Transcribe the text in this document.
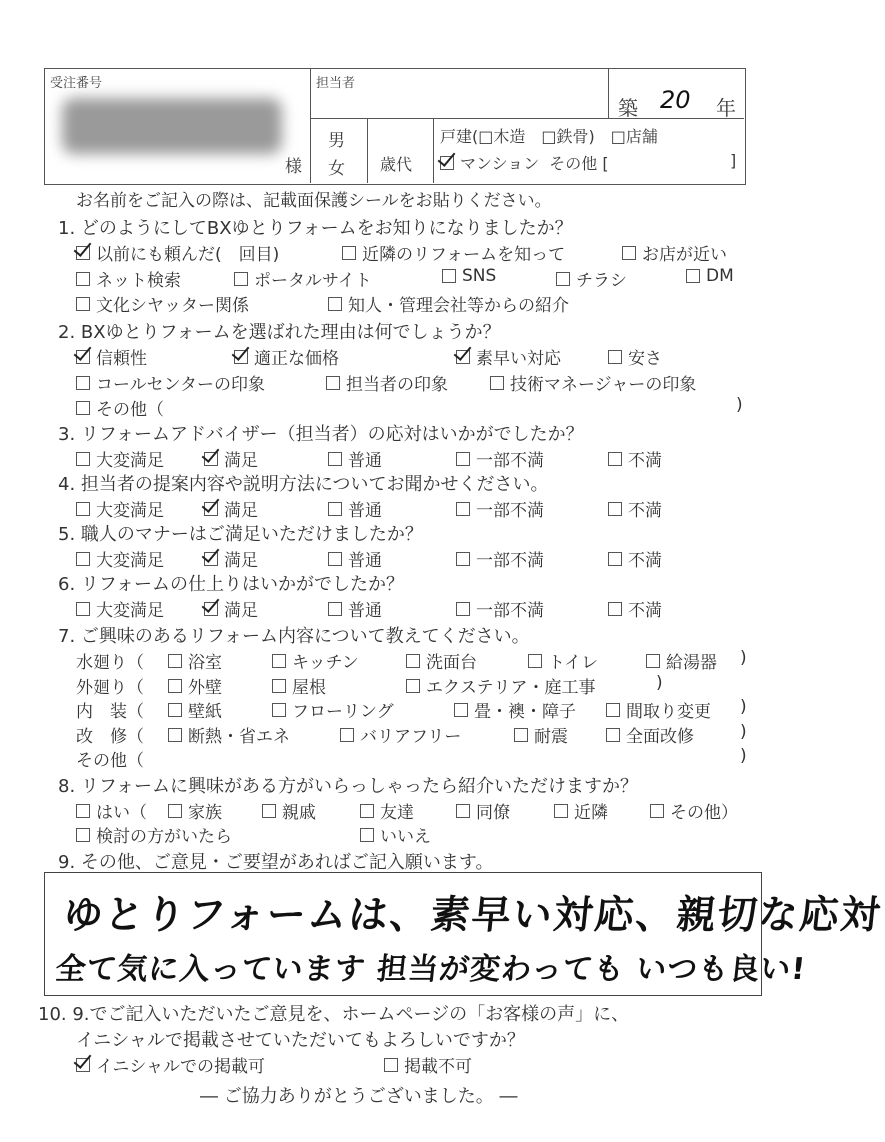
受注番号	担当者
築 20 年
様
男
女 歳代
戸建(□木造　□鉄骨)　□店舗
マンション その他 [	]
お名前をご記入の際は、記載面保護シールをお貼りください。
1. どのようにしてBXゆとりフォームをお知りになりましたか？
以前にも頼んだ(　回目)	近隣のリフォームを知って	お店が近い
ネット検索	ポータルサイト	SNS	チラシ	DM
文化シヤッター関係	知人・管理会社等からの紹介
2. BXゆとりフォームを選ばれた理由は何でしょうか？
信頼性	適正な価格	素早い対応	安さ
コールセンターの印象	担当者の印象	技術マネージャーの印象
その他（	)
3. リフォームアドバイザー（担当者）の応対はいかがでしたか？
大変満足	満足	普通	一部不満	不満
4. 担当者の提案内容や説明方法についてお聞かせください。
大変満足	満足	普通	一部不満	不満
5. 職人のマナーはご満足いただけましたか？
大変満足	満足	普通	一部不満	不満
6. リフォームの仕上りはいかがでしたか？
大変満足	満足	普通	一部不満	不満
7. ご興味のあるリフォーム内容について教えてください。
水廻り（	浴室	キッチン	洗面台	トイレ	給湯器 )
外廻り（	外壁	屋根	エクステリア・庭工事	)
内　装（	壁紙	フローリング	畳・襖・障子	間取り変更 )
改　修（	断熱・省エネ	バリアフリー	耐震	全面改修	)
その他（	)
8. リフォームに興味がある方がいらっしゃったら紹介いただけますか？
はい（ 家族	親戚	友達	同僚	近隣	その他）
検討の方がいたら	いいえ
9. その他、ご意見・ご要望があればご記入願います。
ゆとりフォームは、素早い対応、親切な応対
全て気に入っています 担当が変わっても いつも良い!
10. 9.でご記入いただいたご意見を、ホームページの「お客様の声」に、
イニシャルで掲載させていただいてもよろしいですか？
イニシャルでの掲載可	掲載不可
― ご協力ありがとうございました。 ―
